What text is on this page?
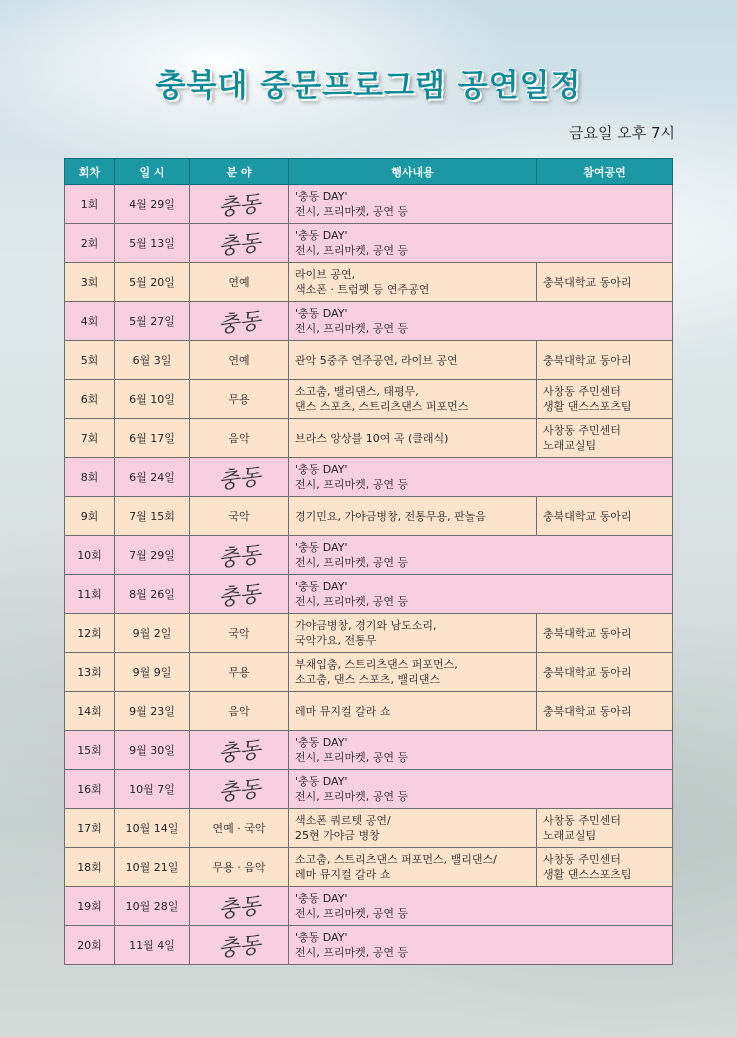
충북대 중문프로그램 공연일정
금요일 오후 7시
회차	일 시	분 야	행사내용	참여공연
1회	4월 29일	충동	'충동 DAY'
전시, 프리마켓, 공연 등	

2회	5월 13일	충동	'충동 DAY'
전시, 프리마켓, 공연 등	

3회	5월 20일	연예	라이브 공연,
색소폰 · 트럼펫 등 연주공연	충북대학교 동아리

4회	5월 27일	충동	'충동 DAY'
전시, 프리마켓, 공연 등	

5회	6월 3일	연예	관악 5중주 연주공연, 라이브 공연	충북대학교 동아리

6회	6월 10일	무용	소고춤, 밸리댄스, 태평무,
댄스 스포츠, 스트리츠댄스 퍼포먼스	사창동 주민센터
생활 댄스스포츠팀

7회	6월 17일	음악	브라스 앙상블 10여 곡 (클래식)	사창동 주민센터
노래교실팀

8회	6월 24일	충동	'충동 DAY'
전시, 프리마켓, 공연 등	

9회	7월 15회	국악	경기민요, 가야금병창, 전통무용, 판놀음	충북대학교 동아리

10회	7월 29일	충동	'충동 DAY'
전시, 프리마켓, 공연 등	

11회	8월 26일	충동	'충동 DAY'
전시, 프리마켓, 공연 등	

12회	9월 2일	국악	가야금병창, 경기와 남도소리,
국악가요, 전통무	충북대학교 동아리

13회	9월 9일	무용	부채입춤, 스트리츠댄스 퍼포먼스,
소고춤, 댄스 스포츠, 밸리댄스	충북대학교 동아리

14회	9월 23일	음악	레마 뮤지컬 갈라 쇼	충북대학교 동아리

15회	9월 30일	충동	'충동 DAY'
전시, 프리마켓, 공연 등	

16회	10월 7일	충동	'충동 DAY'
전시, 프리마켓, 공연 등	

17회	10월 14일	연예 · 국악	색소폰 쿼르텟 공연/
25현 가야금 병창	사창동 주민센터
노래교실팀

18회	10월 21일	무용 · 음악	소고춤, 스트리츠댄스 퍼포먼스, 밸리댄스/
레마 뮤지컬 갈라 쇼	사창동 주민센터
생활 댄스스포츠팀

19회	10월 28일	충동	'충동 DAY'
전시, 프리마켓, 공연 등	

20회	11월 4일	충동	'충동 DAY'
전시, 프리마켓, 공연 등	
